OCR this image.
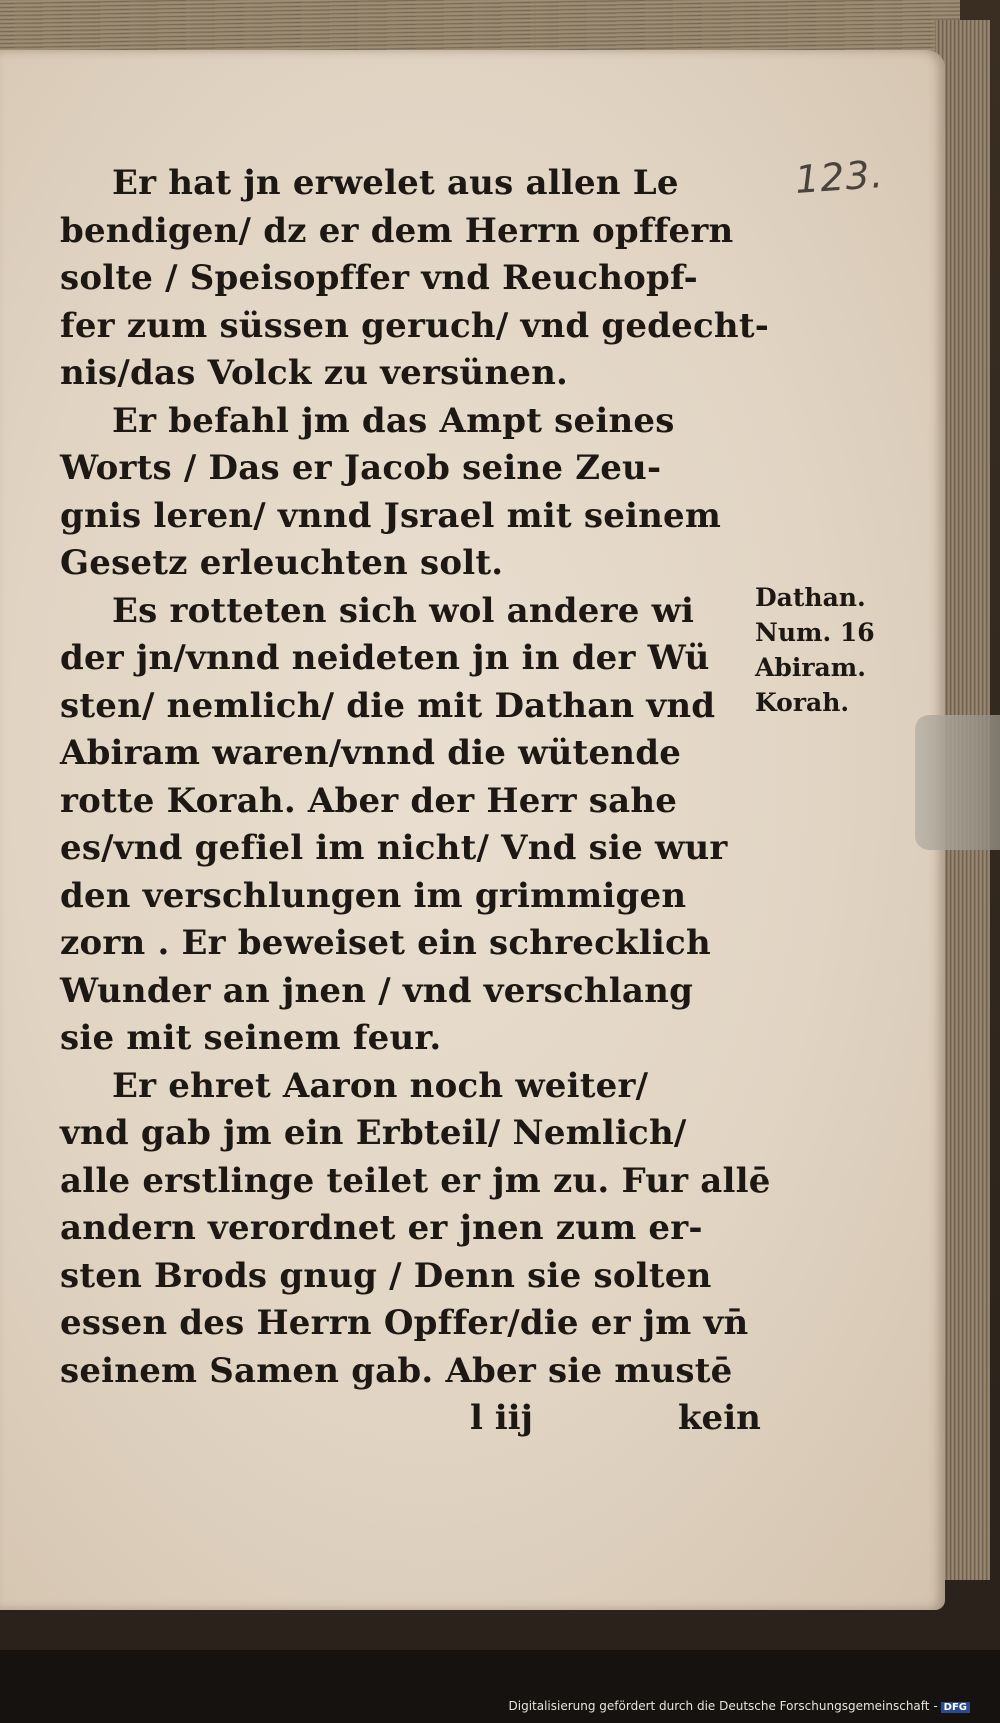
123.
Er hat jn erwelet aus allen Le
bendigen/ dz er dem Herrn opffern
solte / Speisopffer vnd Reuchopf-
fer zum süssen geruch/ vnd gedecht-
nis/das Volck zu versünen.
Er befahl jm das Ampt seines
Worts / Das er Jacob seine Zeu-
gnis leren/ vnnd Jsrael mit seinem
Gesetz erleuchten solt.
Es rotteten sich wol andere wi
der jn/vnnd neideten jn in der Wü
sten/ nemlich/ die mit Dathan vnd
Abiram waren/vnnd die wütende
rotte Korah. Aber der Herr sahe
es/vnd gefiel im nicht/ Vnd sie wur
den verschlungen im grimmigen
zorn . Er beweiset ein schrecklich
Wunder an jnen / vnd verschlang
sie mit seinem feur.
Er ehret Aaron noch weiter/
vnd gab jm ein Erbteil/ Nemlich/
alle erstlinge teilet er jm zu. Fur allē
andern verordnet er jnen zum er-
sten Brods gnug / Denn sie solten
essen des Herrn Opffer/die er jm vn̄
seinem Samen gab. Aber sie mustē
l iij	kein
Dathan.
Num. 16
Abiram.
Korah.
Digitalisierung gefördert durch die Deutsche Forschungsgemeinschaft - DFG
